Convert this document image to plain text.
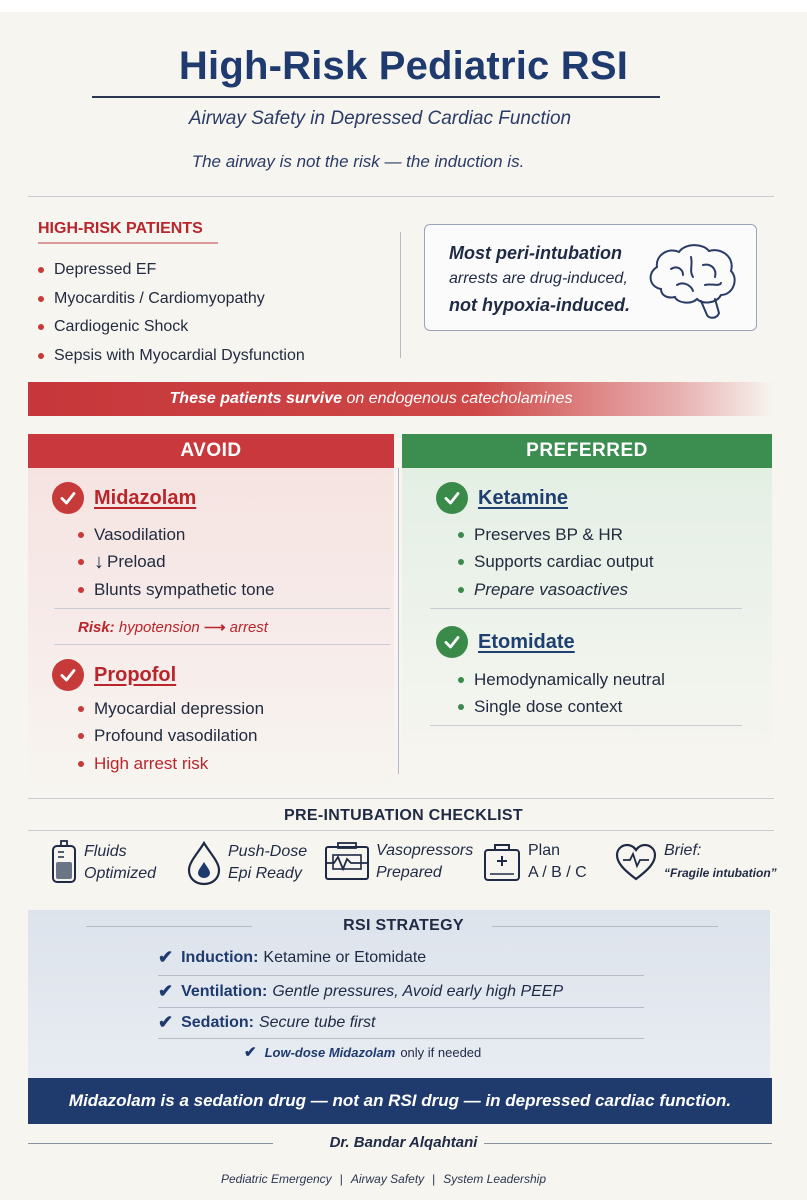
High-Risk Pediatric RSI
Airway Safety in Depressed Cardiac Function
The airway is not the risk — the induction is.
HIGH-RISK PATIENTS
Depressed EF
Myocarditis / Cardiomyopathy
Cardiogenic Shock
Sepsis with Myocardial Dysfunction
Most peri-intubation
arrests are drug-induced,
not hypoxia-induced.
These patients survive on endogenous catecholamines
AVOID	PREFERRED
Midazolam
Vasodilation
↓ Preload
Blunts sympathetic tone
Risk: hypotension ⟶ arrest
Propofol
Myocardial depression
Profound vasodilation
High arrest risk
Ketamine
Preserves BP & HR
Supports cardiac output
Prepare vasoactives
Etomidate
Hemodynamically neutral
Single dose context
PRE-INTUBATION CHECKLIST
Fluids
Optimized
Push-Dose
Epi Ready
Vasopressors
Prepared
Plan
A / B / C
Brief:
“Fragile intubation”
RSI STRATEGY
✔ Induction: Ketamine or Etomidate
✔ Ventilation: Gentle pressures, Avoid early high PEEP
✔ Sedation: Secure tube first
✔ Low-dose Midazolam only if needed
Midazolam is a sedation drug — not an RSI drug — in depressed cardiac function.
Dr. Bandar Alqahtani
Pediatric Emergency | Airway Safety | System Leadership
